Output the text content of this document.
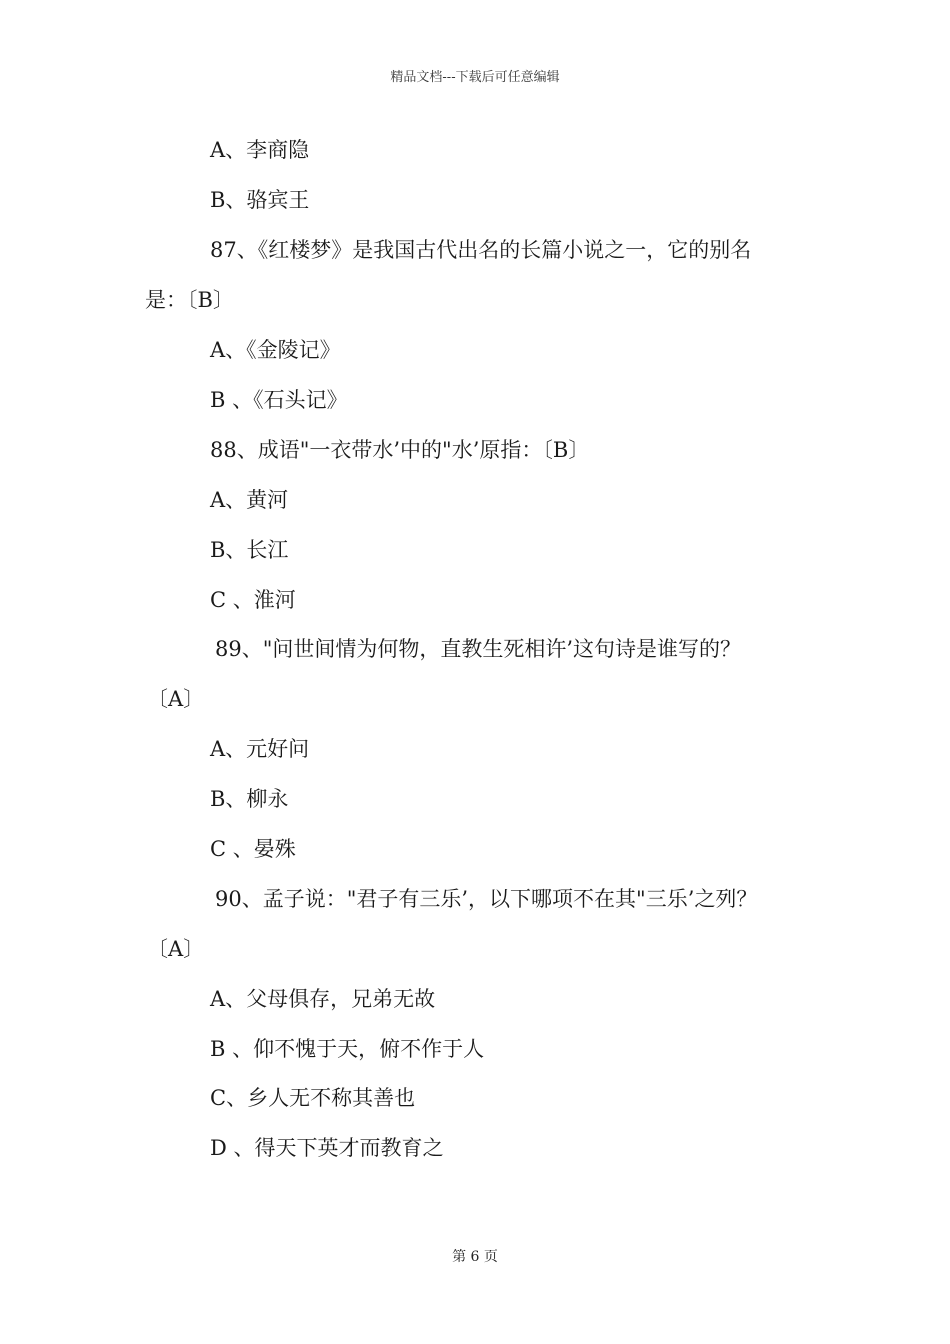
精品文档---下载后可任意编辑
A、李商隐
B、骆宾王
87、《红楼梦》是我国古代出名的长篇小说之一，它的别名
是：〔B〕
A、《金陵记》
B 、《石头记》
88、成语"一衣带水’中的"水’原指：〔B〕
A、黄河
B、长江
C 、淮河
89、"问世间情为何物，直教生死相许’这句诗是谁写的？
〔A〕
A、元好问
B、柳永
C 、晏殊
90、孟子说："君子有三乐’，以下哪项不在其"三乐’之列？
〔A〕
A、父母俱存，兄弟无故
B 、仰不愧于天，俯不作于人
C、乡人无不称其善也
D 、得天下英才而教育之
第 6 页
